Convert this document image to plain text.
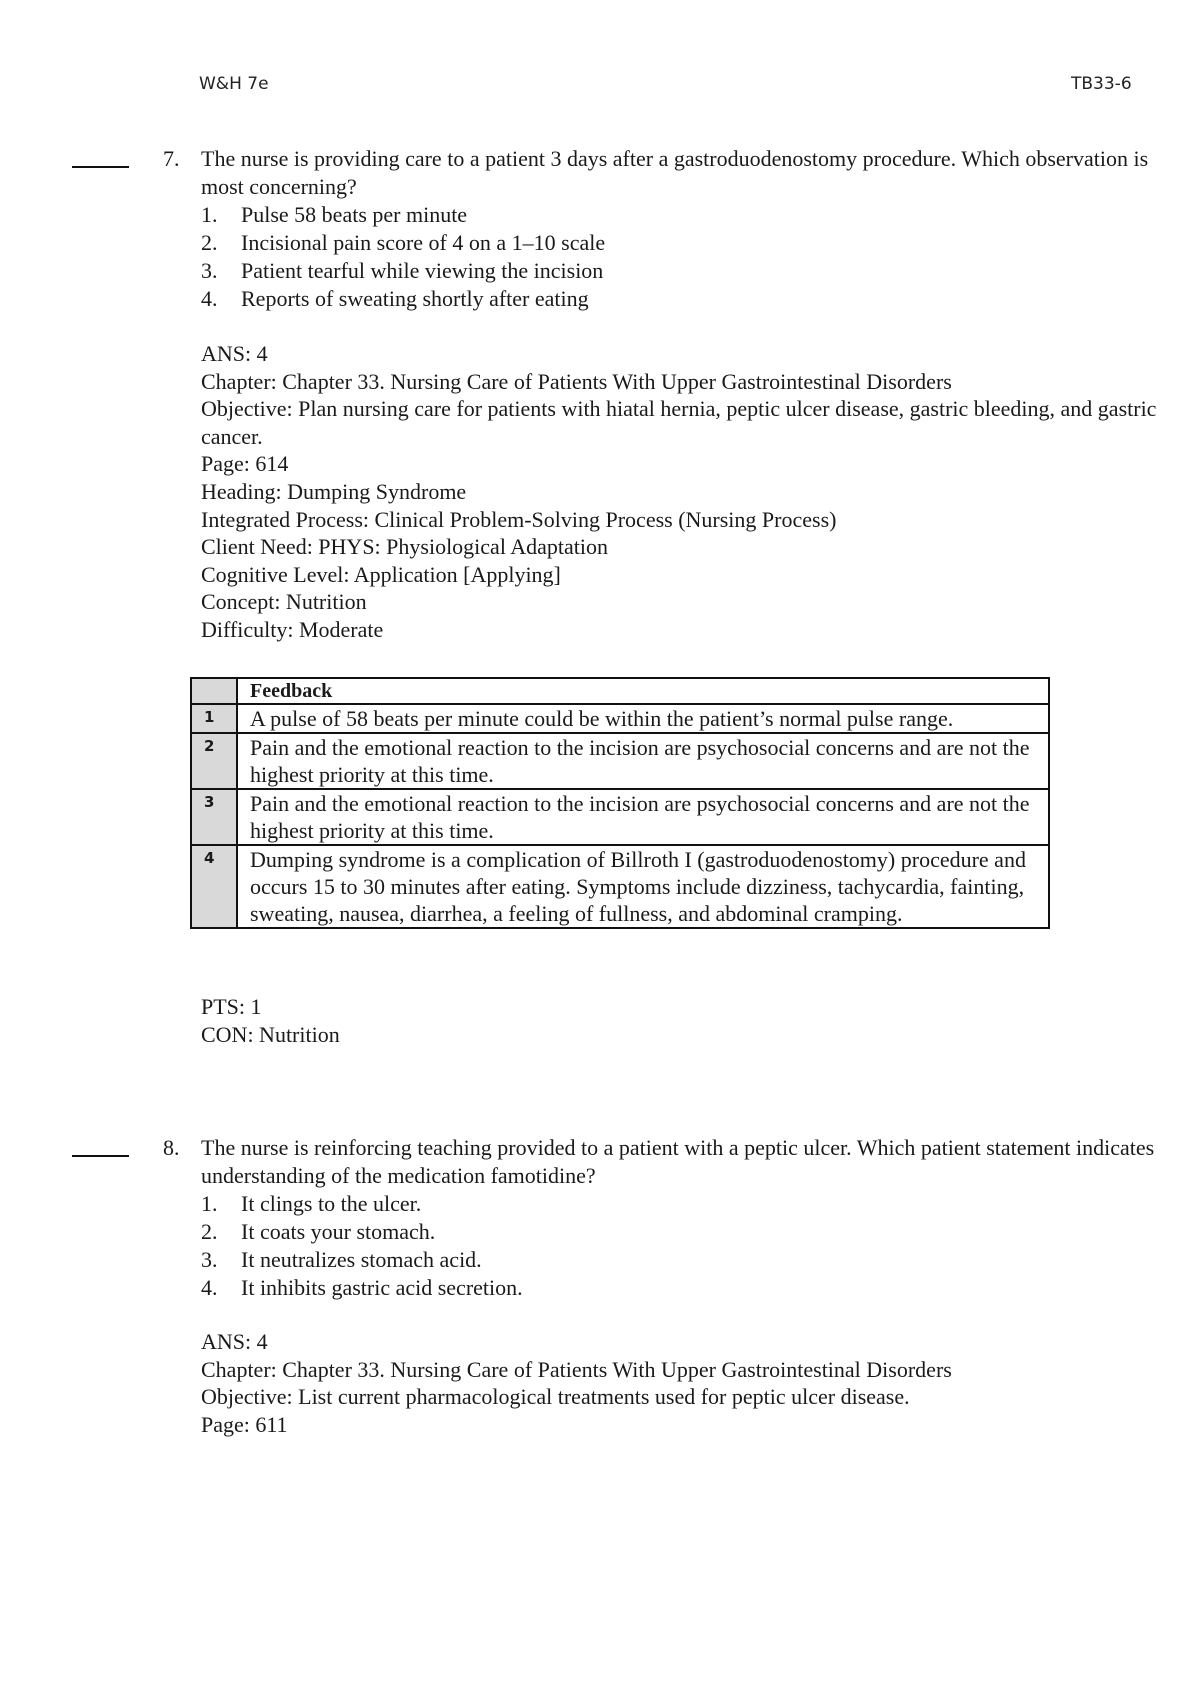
W&H 7e	TB33-6
7. The nurse is providing care to a patient 3 days after a gastroduodenostomy procedure. Which observation is most concerning?
1. Pulse 58 beats per minute
2. Incisional pain score of 4 on a 1–10 scale
3. Patient tearful while viewing the incision
4. Reports of sweating shortly after eating
ANS: 4
Chapter: Chapter 33. Nursing Care of Patients With Upper Gastrointestinal Disorders
Objective: Plan nursing care for patients with hiatal hernia, peptic ulcer disease, gastric bleeding, and gastric cancer.
Page: 614
Heading: Dumping Syndrome
Integrated Process: Clinical Problem-Solving Process (Nursing Process)
Client Need: PHYS: Physiological Adaptation
Cognitive Level: Application [Applying]
Concept: Nutrition
Difficulty: Moderate
	Feedback
1	A pulse of 58 beats per minute could be within the patient’s normal pulse range.
2	Pain and the emotional reaction to the incision are psychosocial concerns and are not the highest priority at this time.
3	Pain and the emotional reaction to the incision are psychosocial concerns and are not the highest priority at this time.
4	Dumping syndrome is a complication of Billroth I (gastroduodenostomy) procedure and occurs 15 to 30 minutes after eating. Symptoms include dizziness, tachycardia, fainting, sweating, nausea, diarrhea, a feeling of fullness, and abdominal cramping.
PTS: 1
CON: Nutrition
8. The nurse is reinforcing teaching provided to a patient with a peptic ulcer. Which patient statement indicates understanding of the medication famotidine?
1. It clings to the ulcer.
2. It coats your stomach.
3. It neutralizes stomach acid.
4. It inhibits gastric acid secretion.
ANS: 4
Chapter: Chapter 33. Nursing Care of Patients With Upper Gastrointestinal Disorders
Objective: List current pharmacological treatments used for peptic ulcer disease.
Page: 611
